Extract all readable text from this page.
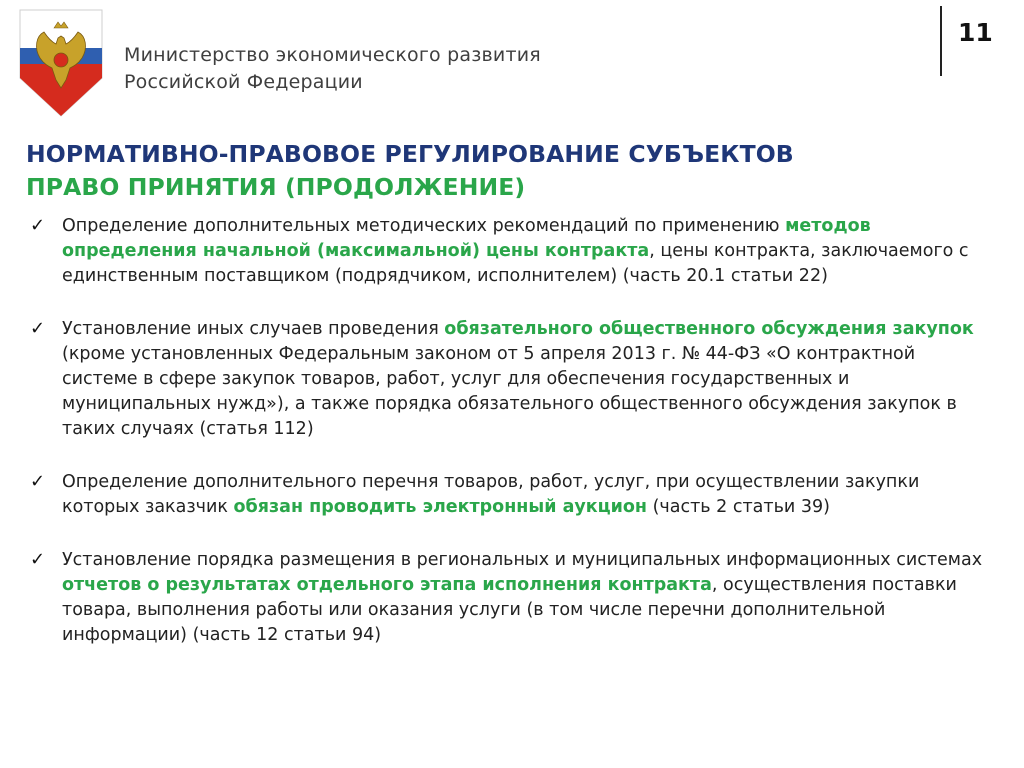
Министерство экономического развития
Российской Федерации
11
НОРМАТИВНО-ПРАВОВОЕ РЕГУЛИРОВАНИЕ СУБЪЕКТОВ
ПРАВО ПРИНЯТИЯ (ПРОДОЛЖЕНИЕ)
✓ Определение дополнительных методических рекомендаций по применению методов определения начальной (максимальной) цены контракта, цены контракта, заключаемого с единственным поставщиком (подрядчиком, исполнителем) (часть 20.1 статьи 22)
✓ Установление иных случаев проведения обязательного общественного обсуждения закупок (кроме установленных Федеральным законом от 5 апреля 2013 г. № 44-ФЗ «О контрактной системе в сфере закупок товаров, работ, услуг для обеспечения государственных и муниципальных нужд»), а также порядка обязательного общественного обсуждения закупок в таких случаях (статья 112)
✓ Определение дополнительного перечня товаров, работ, услуг, при осуществлении закупки которых заказчик обязан проводить электронный аукцион (часть 2 статьи 39)
✓ Установление порядка размещения в региональных и муниципальных информационных системах отчетов о результатах отдельного этапа исполнения контракта, осуществления поставки товара, выполнения работы или оказания услуги (в том числе перечни дополнительной информации) (часть 12 статьи 94)
